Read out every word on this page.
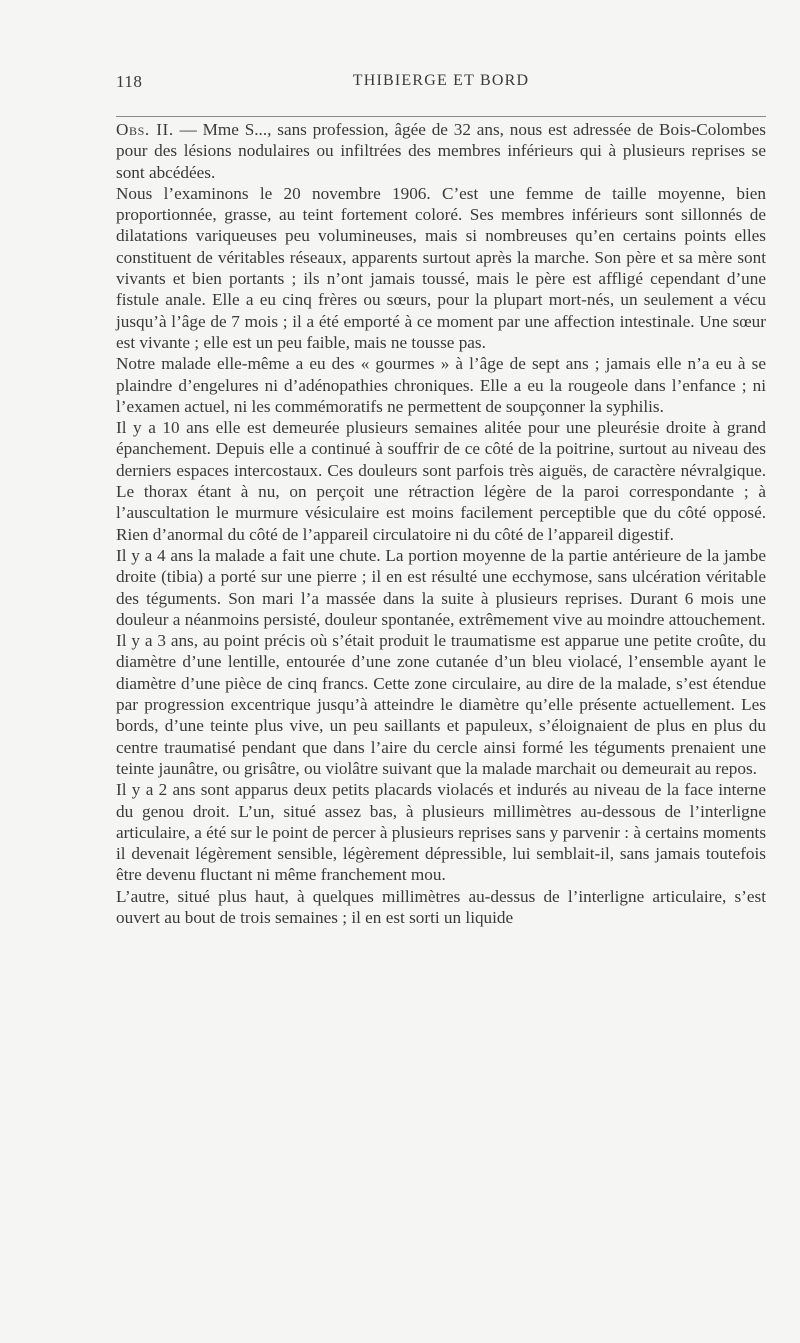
118	THIBIERGE ET BORD

Obs. II. — Mme S..., sans profession, âgée de 32 ans, nous est adressée de Bois-Colombes pour des lésions nodulaires ou infiltrées des membres inférieurs qui à plusieurs reprises se sont abcédées.

Nous l’examinons le 20 novembre 1906. C’est une femme de taille moyenne, bien proportionnée, grasse, au teint fortement coloré. Ses membres inférieurs sont sillonnés de dilatations variqueuses peu volumineuses, mais si nombreuses qu’en certains points elles constituent de véritables réseaux, apparents surtout après la marche. Son père et sa mère sont vivants et bien portants ; ils n’ont jamais toussé, mais le père est affligé cependant d’une fistule anale. Elle a eu cinq frères ou sœurs, pour la plupart mort-nés, un seulement a vécu jusqu’à l’âge de 7 mois ; il a été emporté à ce moment par une affection intestinale. Une sœur est vivante ; elle est un peu faible, mais ne tousse pas.

Notre malade elle-même a eu des « gourmes » à l’âge de sept ans ; jamais elle n’a eu à se plaindre d’engelures ni d’adénopathies chroniques. Elle a eu la rougeole dans l’enfance ; ni l’examen actuel, ni les commémoratifs ne permettent de soupçonner la syphilis.

Il y a 10 ans elle est demeurée plusieurs semaines alitée pour une pleurésie droite à grand épanchement. Depuis elle a continué à souffrir de ce côté de la poitrine, surtout au niveau des derniers espaces intercostaux. Ces douleurs sont parfois très aiguës, de caractère névralgique. Le thorax étant à nu, on perçoit une rétraction légère de la paroi correspondante ; à l’auscultation le murmure vésiculaire est moins facilement perceptible que du côté opposé. Rien d’anormal du côté de l’appareil circulatoire ni du côté de l’appareil digestif.

Il y a 4 ans la malade a fait une chute. La portion moyenne de la partie antérieure de la jambe droite (tibia) a porté sur une pierre ; il en est résulté une ecchymose, sans ulcération véritable des téguments. Son mari l’a massée dans la suite à plusieurs reprises. Durant 6 mois une douleur a néanmoins persisté, douleur spontanée, extrêmement vive au moindre attouchement.

Il y a 3 ans, au point précis où s’était produit le traumatisme est apparue une petite croûte, du diamètre d’une lentille, entourée d’une zone cutanée d’un bleu violacé, l’ensemble ayant le diamètre d’une pièce de cinq francs. Cette zone circulaire, au dire de la malade, s’est étendue par progression excentrique jusqu’à atteindre le diamètre qu’elle présente actuellement. Les bords, d’une teinte plus vive, un peu saillants et papuleux, s’éloignaient de plus en plus du centre traumatisé pendant que dans l’aire du cercle ainsi formé les téguments prenaient une teinte jaunâtre, ou grisâtre, ou violâtre suivant que la malade marchait ou demeurait au repos.

Il y a 2 ans sont apparus deux petits placards violacés et indurés au niveau de la face interne du genou droit. L’un, situé assez bas, à plusieurs millimètres au-dessous de l’interligne articulaire, a été sur le point de percer à plusieurs reprises sans y parvenir : à certains moments il devenait légèrement sensible, légèrement dépressible, lui semblait-il, sans jamais toutefois être devenu fluctant ni même franchement mou.

L’autre, situé plus haut, à quelques millimètres au-dessus de l’interligne articulaire, s’est ouvert au bout de trois semaines ; il en est sorti un liquide
